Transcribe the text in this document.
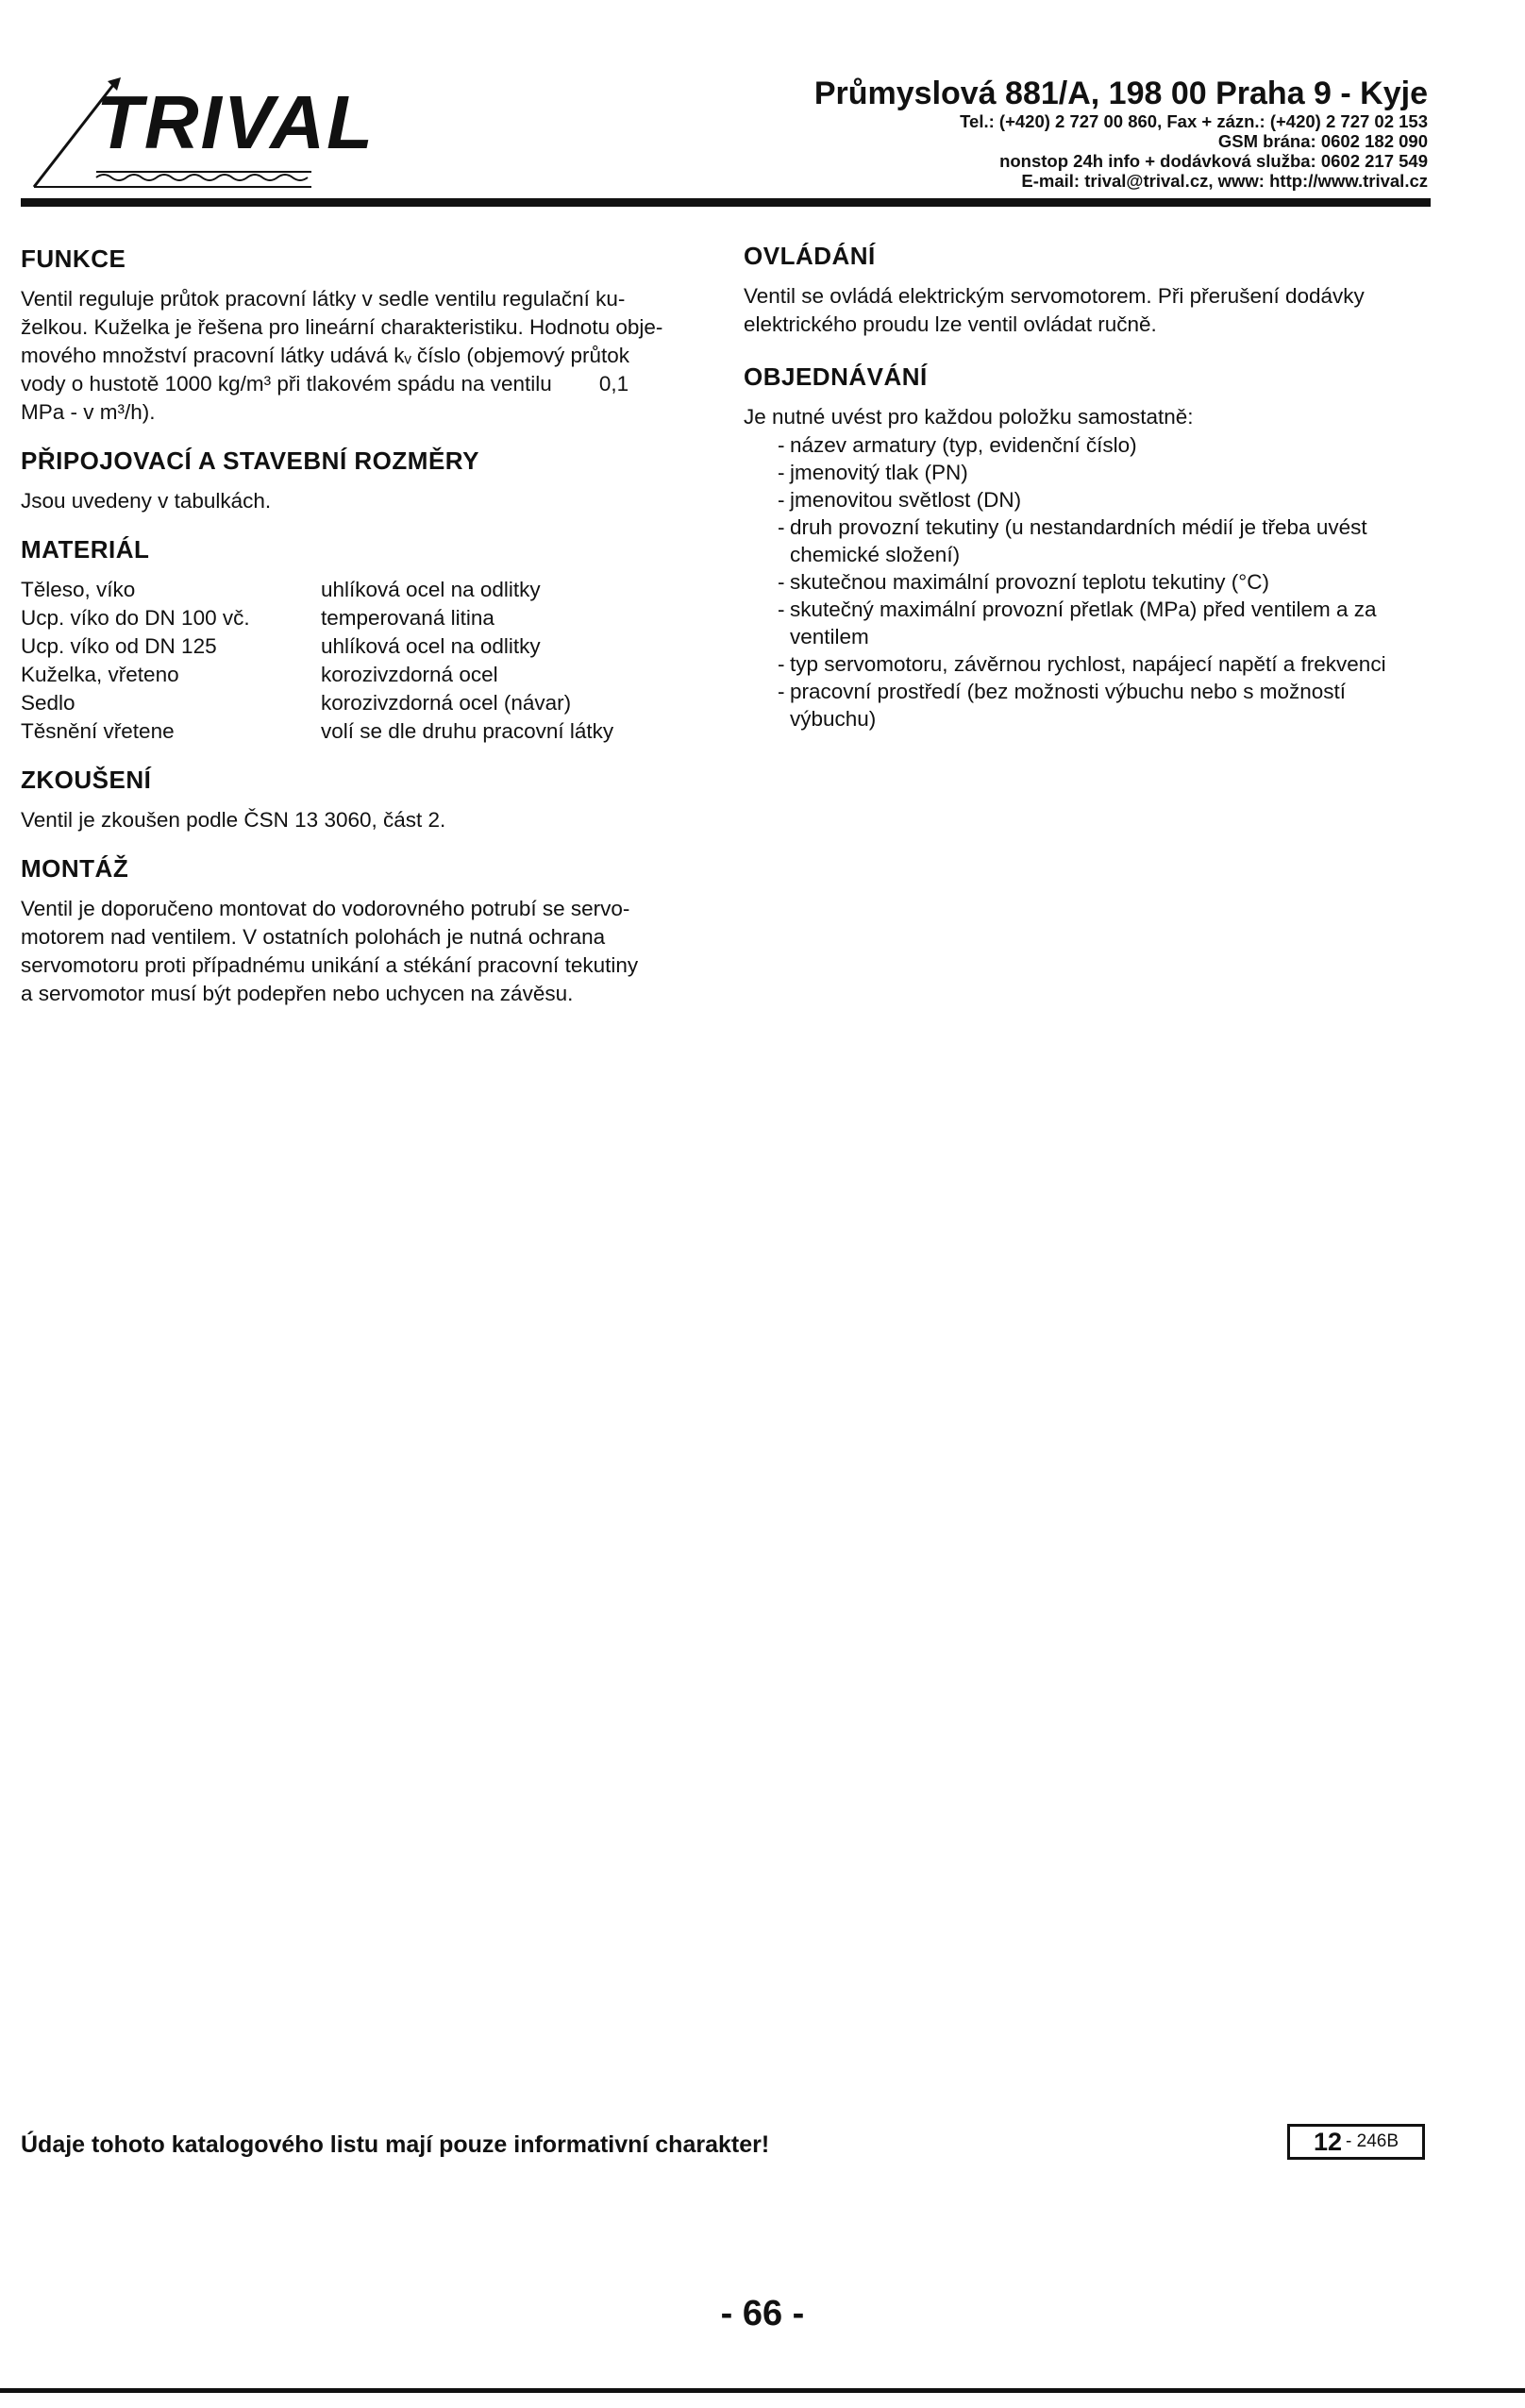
TRIVAL	Průmyslová 881/A, 198 00 Praha 9 - Kyje
Tel.: (+420) 2 727 00 860, Fax + zázn.: (+420) 2 727 02 153
GSM brána: 0602 182 090
nonstop 24h info + dodávková služba: 0602 217 549
E-mail: trival@trival.cz, www: http://www.trival.cz
FUNKCE
Ventil reguluje průtok pracovní látky v sedle ventilu regulační ku-
želkou. Kuželka je řešena pro lineární charakteristiku. Hodnotu obje-
mového množství pracovní látky udává kᵥ číslo (objemový průtok
vody o hustotě 1000 kg/m³ při tlakovém spádu na ventilu        0,1
MPa - v m³/h).
PŘIPOJOVACÍ A STAVEBNÍ ROZMĚRY
Jsou uvedeny v tabulkách.
MATERIÁL
Těleso, víko	uhlíková ocel na odlitky
Ucp. víko do DN 100 vč.	temperovaná litina
Ucp. víko od DN 125	uhlíková ocel na odlitky
Kuželka, vřeteno	korozivzdorná ocel
Sedlo	korozivzdorná ocel (návar)
Těsnění vřetene	volí se dle druhu pracovní látky
ZKOUŠENÍ
Ventil je zkoušen podle ČSN 13 3060, část 2.
MONTÁŽ
Ventil je doporučeno montovat do vodorovného potrubí se servo-
motorem nad ventilem. V ostatních polohách je nutná ochrana
servomotoru proti případnému unikání a stékání pracovní tekutiny
a servomotor musí být podepřen nebo uchycen na závěsu.
OVLÁDÁNÍ
Ventil se ovládá elektrickým servomotorem. Při přerušení dodávky
elektrického proudu lze ventil ovládat ručně.
OBJEDNÁVÁNÍ
Je nutné uvést pro každou položku samostatně:
- název armatury (typ, evidenční číslo)
- jmenovitý tlak (PN)
- jmenovitou světlost (DN)
- druh provozní tekutiny (u nestandardních médií je třeba uvést chemické složení)
- skutečnou maximální provozní teplotu tekutiny (°C)
- skutečný maximální provozní přetlak (MPa) před ventilem a za ventilem
- typ servomotoru, závěrnou rychlost, napájecí napětí a frekvenci
- pracovní prostředí (bez možnosti výbuchu nebo s možností výbuchu)
Údaje tohoto katalogového listu mají pouze informativní charakter!	12 - 246B
- 66 -
